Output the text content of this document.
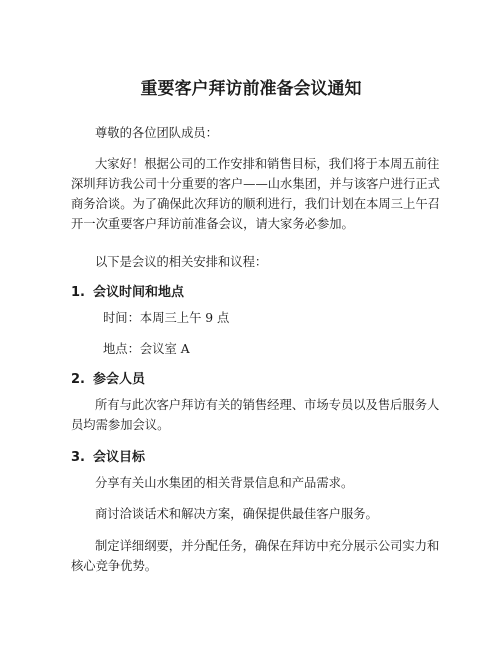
重要客户拜访前准备会议通知

尊敬的各位团队成员：

大家好！根据公司的工作安排和销售目标，我们将于本周五前往深圳拜访我公司十分重要的客户——山水集团，并与该客户进行正式商务洽谈。为了确保此次拜访的顺利进行，我们计划在本周三上午召开一次重要客户拜访前准备会议，请大家务必参加。

以下是会议的相关安排和议程：

1. 会议时间和地点

时间：本周三上午 9 点

地点：会议室 A

2. 参会人员

所有与此次客户拜访有关的销售经理、市场专员以及售后服务人员均需参加会议。

3. 会议目标

分享有关山水集团的相关背景信息和产品需求。

商讨洽谈话术和解决方案，确保提供最佳客户服务。

制定详细纲要，并分配任务，确保在拜访中充分展示公司实力和核心竞争优势。
